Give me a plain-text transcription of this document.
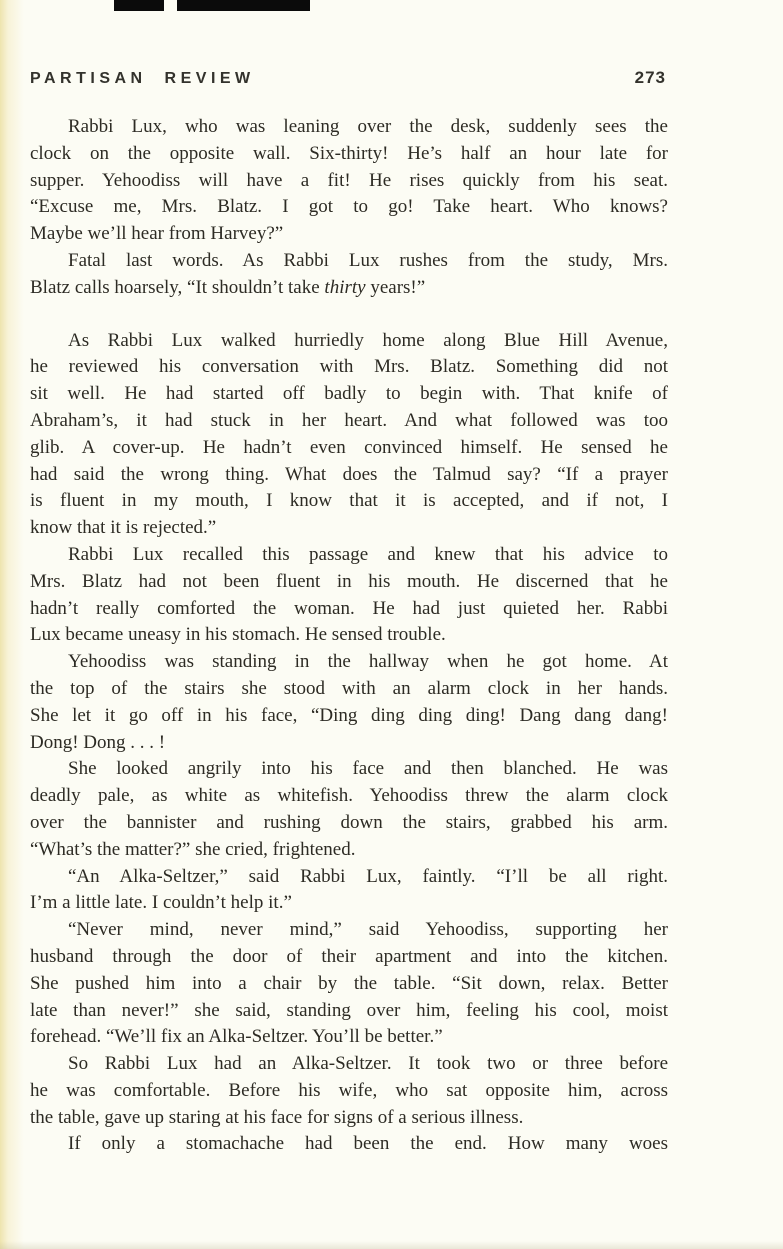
PARTISAN REVIEW	273
Rabbi Lux, who was leaning over the desk, suddenly sees the
clock on the opposite wall. Six-thirty! He’s half an hour late for
supper. Yehoodiss will have a fit! He rises quickly from his seat.
“Excuse me, Mrs. Blatz. I got to go! Take heart. Who knows?
Maybe we’ll hear from Harvey?”
Fatal last words. As Rabbi Lux rushes from the study, Mrs.
Blatz calls hoarsely, “It shouldn’t take thirty years!”
As Rabbi Lux walked hurriedly home along Blue Hill Avenue,
he reviewed his conversation with Mrs. Blatz. Something did not
sit well. He had started off badly to begin with. That knife of
Abraham’s, it had stuck in her heart. And what followed was too
glib. A cover-up. He hadn’t even convinced himself. He sensed he
had said the wrong thing. What does the Talmud say? “If a prayer
is fluent in my mouth, I know that it is accepted, and if not, I
know that it is rejected.”
Rabbi Lux recalled this passage and knew that his advice to
Mrs. Blatz had not been fluent in his mouth. He discerned that he
hadn’t really comforted the woman. He had just quieted her. Rabbi
Lux became uneasy in his stomach. He sensed trouble.
Yehoodiss was standing in the hallway when he got home. At
the top of the stairs she stood with an alarm clock in her hands.
She let it go off in his face, “Ding ding ding ding! Dang dang dang!
Dong! Dong . . . !
She looked angrily into his face and then blanched. He was
deadly pale, as white as whitefish. Yehoodiss threw the alarm clock
over the bannister and rushing down the stairs, grabbed his arm.
“What’s the matter?” she cried, frightened.
“An Alka-Seltzer,” said Rabbi Lux, faintly. “I’ll be all right.
I’m a little late. I couldn’t help it.”
“Never mind, never mind,” said Yehoodiss, supporting her
husband through the door of their apartment and into the kitchen.
She pushed him into a chair by the table. “Sit down, relax. Better
late than never!” she said, standing over him, feeling his cool, moist
forehead. “We’ll fix an Alka-Seltzer. You’ll be better.”
So Rabbi Lux had an Alka-Seltzer. It took two or three before
he was comfortable. Before his wife, who sat opposite him, across
the table, gave up staring at his face for signs of a serious illness.
If only a stomachache had been the end. How many woes
